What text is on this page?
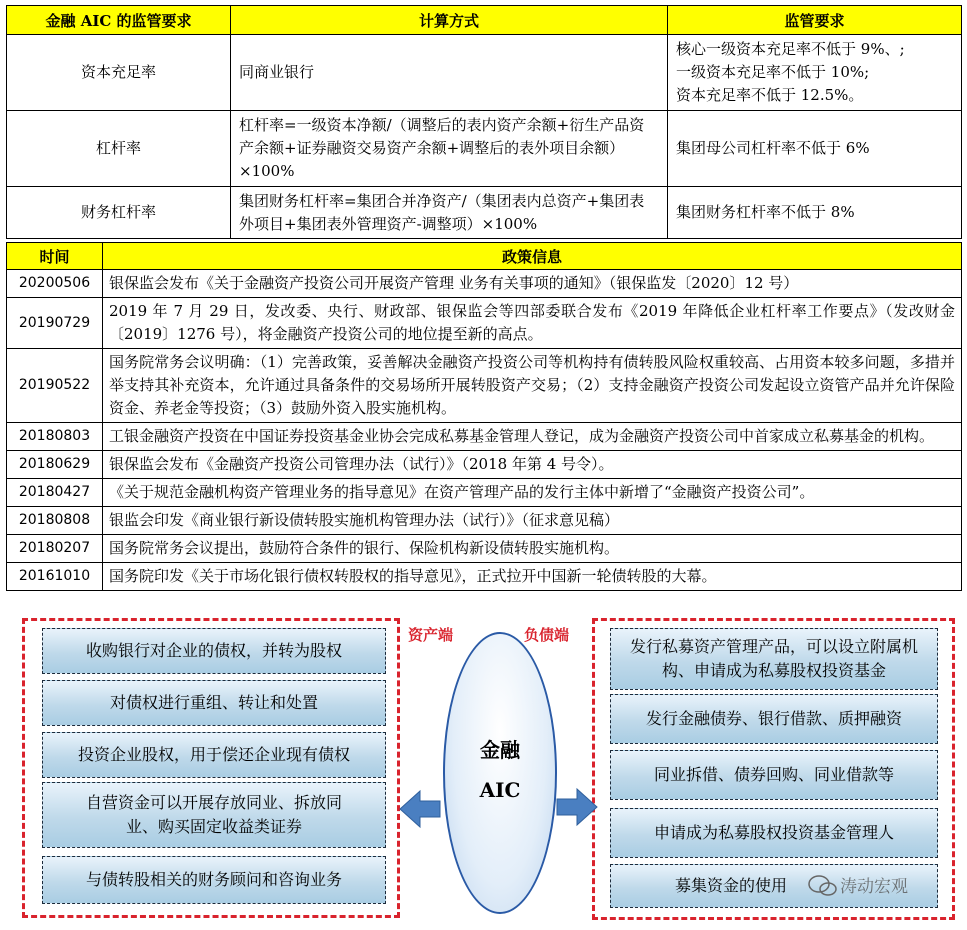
金融 AIC 的监管要求	计算方式	监管要求
资本充足率	同商业银行	核心一级资本充足率不低于 9%、;
一级资本充足率不低于 10%;
资本充足率不低于 12.5%。

杠杆率	杠杆率=一级资本净额/（调整后的表内资产余额+衍生产品资产余额+证券融资交易资产余额+调整后的表外项目余额）×100%	集团母公司杠杆率不低于 6%
财务杠杆率	集团财务杠杆率=集团合并净资产/（集团表内总资产+集团表外项目+集团表外管理资产-调整项）×100%	集团财务杠杆率不低于 8%
时间	政策信息
20200506	银保监会发布《关于金融资产投资公司开展资产管理 业务有关事项的通知》（银保监发〔2020〕12 号）
20190729	2019 年 7 月 29 日，发改委、央行、财政部、银保监会等四部委联合发布《2019 年降低企业杠杆率工作要点》（发改财金〔2019〕1276 号），将金融资产投资公司的地位提至新的高点。
20190522	国务院常务会议明确：（1）完善政策，妥善解决金融资产投资公司等机构持有债转股风险权重较高、占用资本较多问题，多措并举支持其补充资本，允许通过具备条件的交易场所开展转股资产交易；（2）支持金融资产投资公司发起设立资管产品并允许保险资金、养老金等投资；（3）鼓励外资入股实施机构。
20180803	工银金融资产投资在中国证券投资基金业协会完成私募基金管理人登记，成为金融资产投资公司中首家成立私募基金的机构。
20180629	银保监会发布《金融资产投资公司管理办法（试行）》（2018 年第 4 号令）。
20180427	《关于规范金融机构资产管理业务的指导意见》在资产管理产品的发行主体中新增了“金融资产投资公司”。
20180808	银监会印发《商业银行新设债转股实施机构管理办法（试行）》（征求意见稿）
20180207	国务院常务会议提出，鼓励符合条件的银行、保险机构新设债转股实施机构。
20161010	国务院印发《关于市场化银行债权转股权的指导意见》，正式拉开中国新一轮债转股的大幕。
资产端	负债端
收购银行对企业的债权，并转为股权
对债权进行重组、转让和处置
投资企业股权，用于偿还企业现有债权
自营资金可以开展存放同业、拆放同业、购买固定收益类证券
与债转股相关的财务顾问和咨询业务
发行私募资产管理产品，可以设立附属机构、申请成为私募股权投资基金
发行金融债券、银行借款、质押融资
同业拆借、债券回购、同业借款等
申请成为私募股权投资基金管理人
募集资金的使用
金融
AIC
涛动宏观
